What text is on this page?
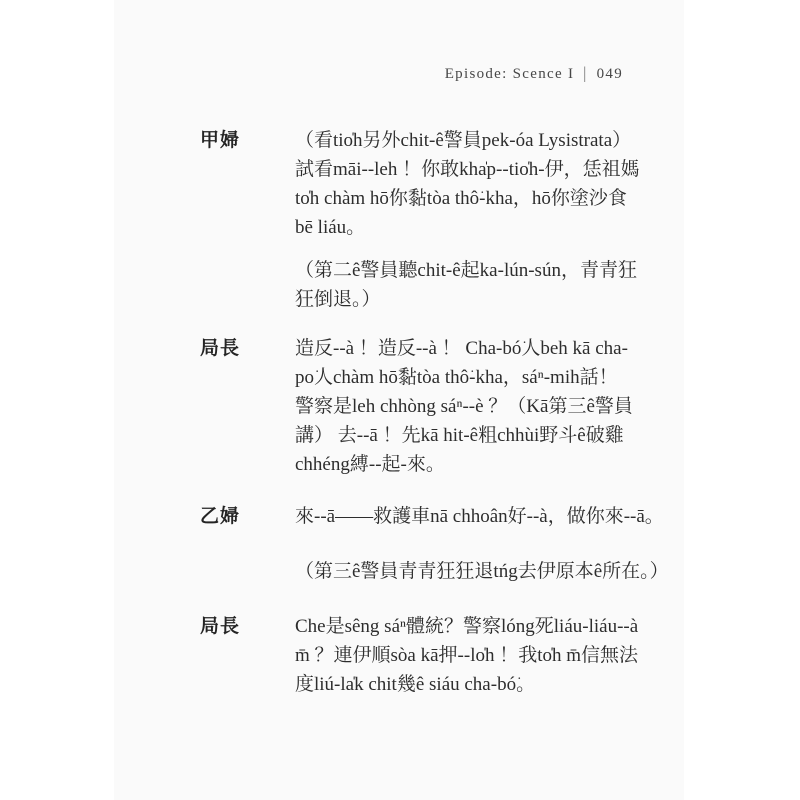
Episode: Scence I | 049
甲婦	（看tio̍h另外chit-ê警員pek-óa Lysistrata）
試看māi--leh ！你敢kha̍p--tio̍h-伊，恁祖媽
to̍h chàm hō͘你黏tòa thô͘-kha，hō͘你塗沙食
bē liáu。
（第二ê警員聽chit-ê起ka-lún-sún，青青狂
狂倒退。）
局長	造反--à ！造反--à ！ Cha-bó͘人beh kā cha-
po͘人chàm hō͘黏tòa thô͘-kha，sáⁿ-mih話！
警察是leh chhòng sáⁿ--è ？（Kā第三ê警員
講） 去--ā ！先kā hit-ê粗chhùi野斗ê破雞
chhéng縛--起-來。
乙婦	來--ā——救護車nā chhoân好--à，做你來--ā。
（第三ê警員青青狂狂退tńg去伊原本ê所在。）
局長	Che是sêng sáⁿ體統？警察lóng死liáu-liáu--à
m̄ ？連伊順sòa kā押--lo̍h ！我to̍h m̄信無法
度liú-la̍k chit幾ê siáu cha-bó͘。
